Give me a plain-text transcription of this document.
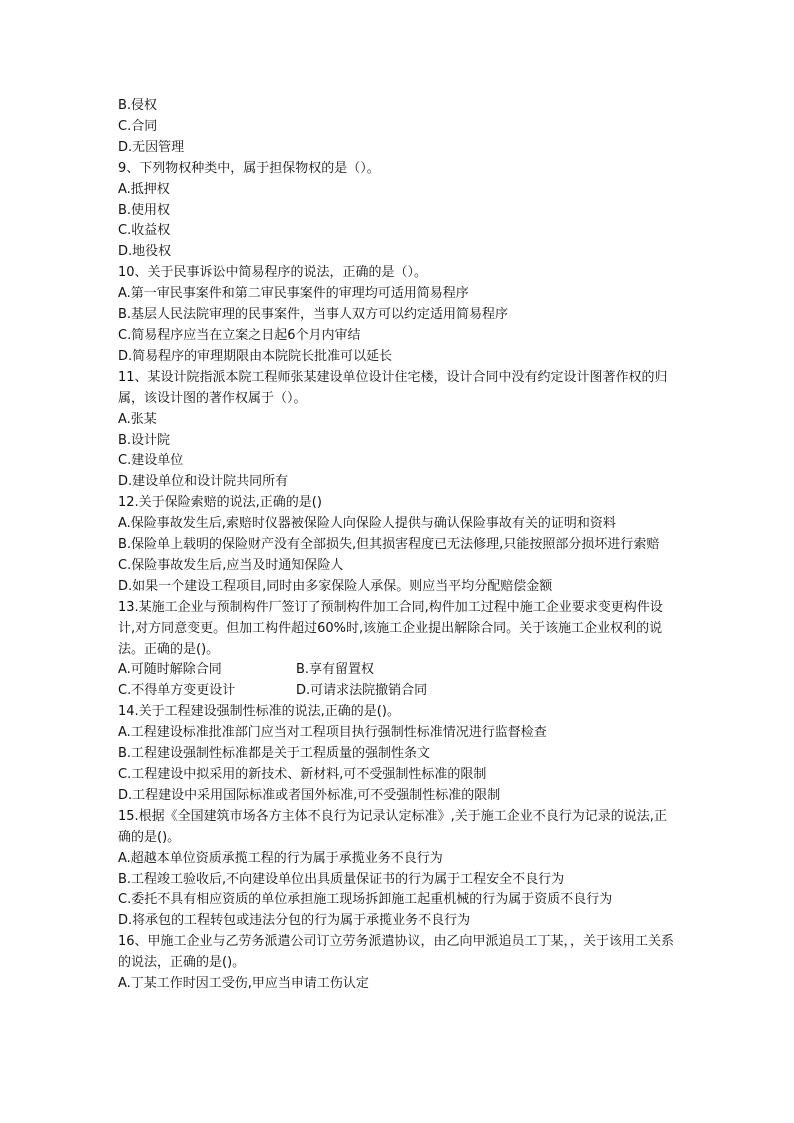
B.侵权
C.合同
D.无因管理
9、下列物权种类中，属于担保物权的是（）。
A.抵押权
B.使用权
C.收益权
D.地役权
10、关于民事诉讼中简易程序的说法，正确的是（）。
A.第一审民事案件和第二审民事案件的审理均可适用简易程序
B.基层人民法院审理的民事案件，当事人双方可以约定适用简易程序
C.简易程序应当在立案之日起6个月内审结
D.简易程序的审理期限由本院院长批准可以延长
11、某设计院指派本院工程师张某建设单位设计住宅楼，设计合同中没有约定设计图著作权的归属，该设计图的著作权属于（）。
A.张某
B.设计院
C.建设单位
D.建设单位和设计院共同所有
12.关于保险索赔的说法,正确的是()
A.保险事故发生后,索赔时仪器被保险人向保险人提供与确认保险事故有关的证明和资料
B.保险单上载明的保险财产没有全部损失,但其损害程度已无法修理,只能按照部分损坏进行索赔
C.保险事故发生后,应当及时通知保险人
D.如果一个建设工程项目,同时由多家保险人承保。则应当平均分配赔偿金额
13.某施工企业与预制构件厂签订了预制构件加工合同,构件加工过程中施工企业要求变更构件设计,对方同意变更。但加工构件超过60%时,该施工企业提出解除合同。关于该施工企业权利的说法。正确的是()。
A.可随时解除合同	B.享有留置权
C.不得单方变更设计	D.可请求法院撤销合同
14.关于工程建设强制性标准的说法,正确的是()。
A.工程建设标准批准部门应当对工程项目执行强制性标准情况进行监督检查
B.工程建设强制性标准都是关于工程质量的强制性条文
C.工程建设中拟采用的新技术、新材料,可不受强制性标准的限制
D.工程建设中采用国际标准或者国外标准,可不受强制性标准的限制
15.根据《全国建筑市场各方主体不良行为记录认定标准》,关于施工企业不良行为记录的说法,正确的是()。
A.超越本单位资质承揽工程的行为属于承揽业务不良行为
B.工程竣工验收后,不向建设单位出具质量保证书的行为属于工程安全不良行为
C.委托不具有相应资质的单位承担施工现场拆卸施工起重机械的行为属于资质不良行为
D.将承包的工程转包或违法分包的行为属于承揽业务不良行为
16、甲施工企业与乙劳务派遣公司订立劳务派遣协议，由乙向甲派追员工丁某，，关于该用工关系的说法，正确的是()。
A.丁某工作时因工受伤,甲应当申请工伤认定
